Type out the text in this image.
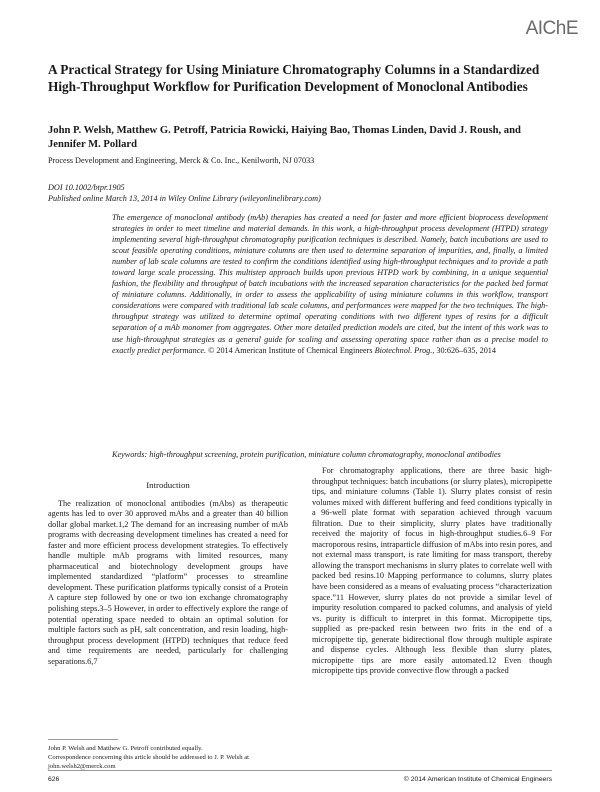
AIChE
A Practical Strategy for Using Miniature Chromatography Columns in a Standardized High-Throughput Workflow for Purification Development of Monoclonal Antibodies

John P. Welsh, Matthew G. Petroff, Patricia Rowicki, Haiying Bao, Thomas Linden, David J. Roush, and Jennifer M. Pollard

Process Development and Engineering, Merck & Co. Inc., Kenilworth, NJ 07033

DOI 10.1002/btpr.1905
Published online March 13, 2014 in Wiley Online Library (wileyonlinelibrary.com)

The emergence of monoclonal antibody (mAb) therapies has created a need for faster and more efficient bioprocess development strategies in order to meet timeline and material demands. In this work, a high-throughput process development (HTPD) strategy implementing several high-throughput chromatography purification techniques is described. Namely, batch incubations are used to scout feasible operating conditions, miniature columns are then used to determine separation of impurities, and, finally, a limited number of lab scale columns are tested to confirm the conditions identified using high-throughput techniques and to provide a path toward large scale processing. This multistep approach builds upon previous HTPD work by combining, in a unique sequential fashion, the flexibility and throughput of batch incubations with the increased separation characteristics for the packed bed format of miniature columns. Additionally, in order to assess the applicability of using miniature columns in this workflow, transport considerations were compared with traditional lab scale columns, and performances were mapped for the two techniques. The high-throughput strategy was utilized to determine optimal operating conditions with two different types of resins for a difficult separation of a mAb monomer from aggregates. Other more detailed prediction models are cited, but the intent of this work was to use high-throughput strategies as a general guide for scaling and assessing operating space rather than as a precise model to exactly predict performance. © 2014 American Institute of Chemical Engineers Biotechnol. Prog., 30:626–635, 2014

Keywords: high-throughput screening, protein purification, miniature column chromatography, monoclonal antibodies

Introduction

The realization of monoclonal antibodies (mAbs) as therapeutic agents has led to over 30 approved mAbs and a greater than 40 billion dollar global market.1,2 The demand for an increasing number of mAb programs with decreasing development timelines has created a need for faster and more efficient process development strategies. To effectively handle multiple mAb programs with limited resources, many pharmaceutical and biotechnology development groups have implemented standardized “platform” processes to streamline development. These purification platforms typically consist of a Protein A capture step followed by one or two ion exchange chromatography polishing steps.3–5 However, in order to effectively explore the range of potential operating space needed to obtain an optimal solution for multiple factors such as pH, salt concentration, and resin loading, high-throughput process development (HTPD) techniques that reduce feed and time requirements are needed, particularly for challenging separations.6,7

For chromatography applications, there are three basic high-throughput techniques: batch incubations (or slurry plates), micropipette tips, and miniature columns (Table 1). Slurry plates consist of resin volumes mixed with different buffering and feed conditions typically in a 96-well plate format with separation achieved through vacuum filtration. Due to their simplicity, slurry plates have traditionally received the majority of focus in high-throughput studies.6–9 For macroporous resins, intraparticle diffusion of mAbs into resin pores, and not external mass transport, is rate limiting for mass transport, thereby allowing the transport mechanisms in slurry plates to correlate well with packed bed resins.10 Mapping performance to columns, slurry plates have been considered as a means of evaluating process “characterization space.”11 However, slurry plates do not provide a similar level of impurity resolution compared to packed columns, and analysis of yield vs. purity is difficult to interpret in this format. Micropipette tips, supplied as pre-packed resin between two frits in the end of a micropipette tip, generate bidirectional flow through multiple aspirate and dispense cycles. Although less flexible than slurry plates, micropipette tips are more easily automated.12 Even though micropipette tips provide convective flow through a packed

John P. Welsh and Matthew G. Petroff contributed equally.

Correspondence concerning this article should be addressed to J. P. Welsh at john.welsh2@merck.com

626	© 2014 American Institute of Chemical Engineers
